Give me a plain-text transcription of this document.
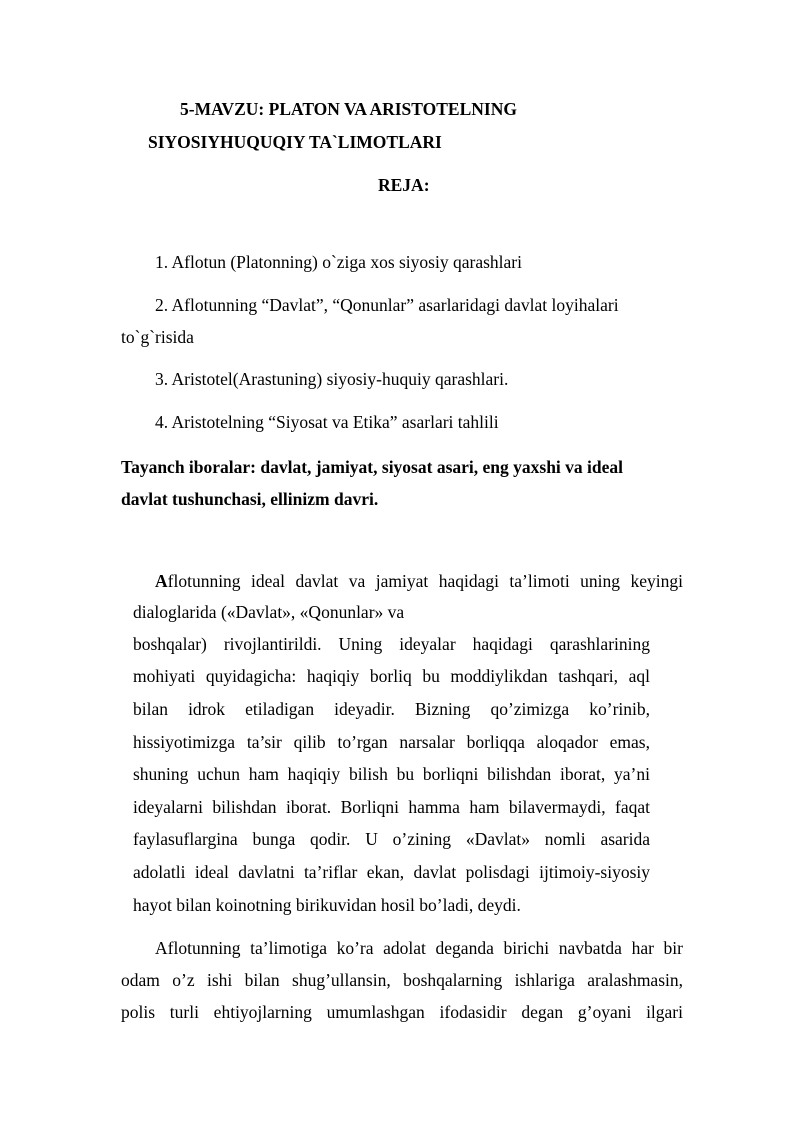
5-MAVZU: PLATON VA ARISTOTELNING
SIYOSIYHUQUQIY TA`LIMOTLARI
REJA:
1. Aflotun (Platonning) o`ziga xos siyosiy qarashlari
2. Aflotunning “Davlat”, “Qonunlar” asarlaridagi davlat loyihalari
to`g`risida
3. Aristotel(Arastuning) siyosiy-huquiy qarashlari.
4. Aristotelning “Siyosat va Etika” asarlari tahlili
Tayanch iboralar: davlat, jamiyat, siyosat asari, eng yaxshi va ideal
davlat tushunchasi, ellinizm davri.
Aflotunning ideal davlat va jamiyat haqidagi ta’limoti uning keyingi
dialoglarida («Davlat», «Qonunlar» va
boshqalar) rivojlantirildi. Uning ideyalar haqidagi qarashlarining
mohiyati quyidagicha: haqiqiy borliq bu moddiylikdan tashqari, aql
bilan idrok etiladigan ideyadir. Bizning qo’zimizga ko’rinib,
hissiyotimizga ta’sir qilib to’rgan narsalar borliqqa aloqador emas,
shuning uchun ham haqiqiy bilish bu borliqni bilishdan iborat, ya’ni
ideyalarni bilishdan iborat. Borliqni hamma ham bilavermaydi, faqat
faylasuflargina bunga qodir. U o’zining «Davlat» nomli asarida
adolatli ideal davlatni ta’riflar ekan, davlat polisdagi ijtimoiy-siyosiy
hayot bilan koinotning birikuvidan hosil bo’ladi, deydi.
Aflotunning ta’limotiga ko’ra adolat deganda birichi navbatda har bir
odam o’z ishi bilan shug’ullansin, boshqalarning ishlariga aralashmasin,
polis turli ehtiyojlarning umumlashgan ifodasidir degan g’oyani ilgari
